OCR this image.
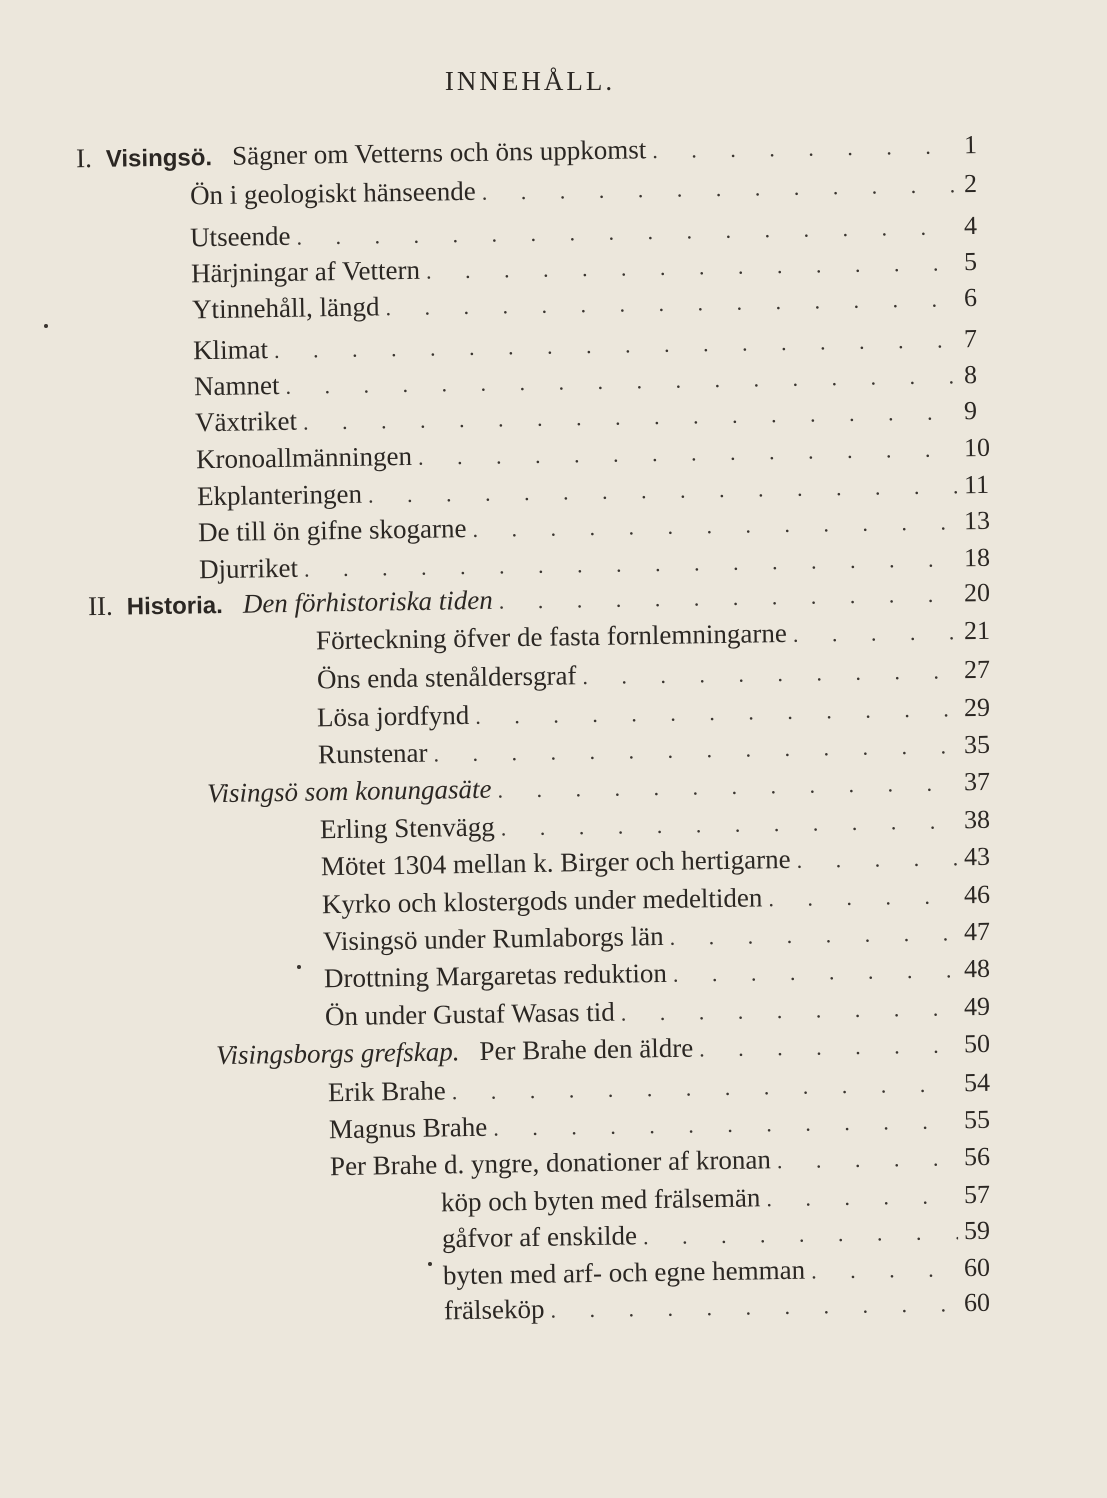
INNEHÅLL.
I. Visingsö. Sägner om Vetterns och öns uppkomst . . .	1
Ön i geologiskt hänseende . . .	2
Utseende . . .	4
Härjningar af Vettern . . .	5
Ytinnehåll, längd . . .	6
Klimat . . .	7
Namnet . . .	8
Växtriket . . .	9
Kronoallmänningen . . .	10
Ekplanteringen . . .	11
De till ön gifne skogarne . . .	13
Djurriket . . .	18
II. Historia. Den förhistoriska tiden . . .	20
Förteckning öfver de fasta fornlemningarne . . .	21
Öns enda stenåldersgraf . . .	27
Lösa jordfynd . . .	29
Runstenar . . .	35
Visingsö som konungasäte . . .	37
Erling Stenvägg . . .	38
Mötet 1304 mellan k. Birger och hertigarne . . .	43
Kyrko och klostergods under medeltiden . . .	46
Visingsö under Rumlaborgs län . . .	47
Drottning Margaretas reduktion . . .	48
Ön under Gustaf Wasas tid . . .	49
Visingsborgs grefskap. Per Brahe den äldre . . .	50
Erik Brahe . . .	54
Magnus Brahe . . .	55
Per Brahe d. yngre, donationer af kronan . . .	56
köp och byten med frälsemän . . .	57
gåfvor af enskilde . . .	59
byten med arf- och egne hemman . . .	60
frälseköp . . .	60
